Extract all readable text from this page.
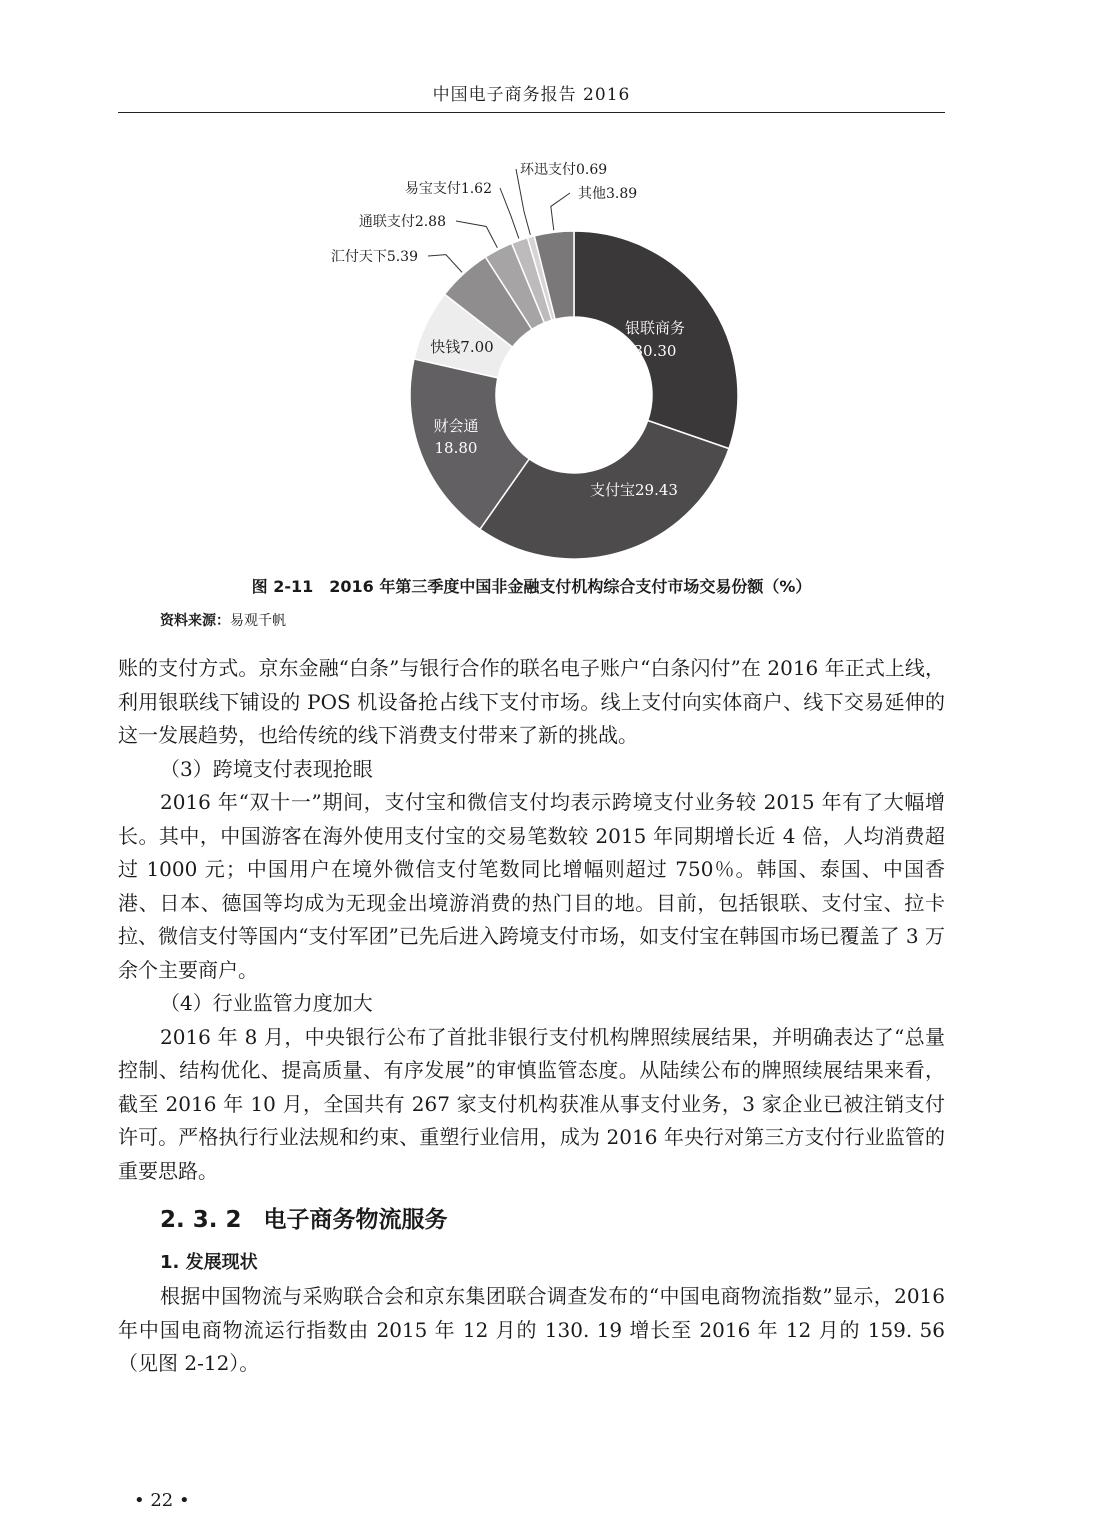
中国电子商务报告 2016
银联商务
30.30
支付宝29.43
财会通
18.80
快钱7.00
汇付天下5.39
通联支付2.88
易宝支付1.62
环迅支付0.69
其他3.89
图 2-11　2016 年第三季度中国非金融支付机构综合支付市场交易份额（%）
资料来源：易观千帆

账的支付方式。京东金融“白条”与银行合作的联名电子账户“白条闪付”在 2016 年正式上线，利用银联线下铺设的 POS 机设备抢占线下支付市场。线上支付向实体商户、线下交易延伸的这一发展趋势，也给传统的线下消费支付带来了新的挑战。

（3）跨境支付表现抢眼

2016 年“双十一”期间，支付宝和微信支付均表示跨境支付业务较 2015 年有了大幅增长。其中，中国游客在海外使用支付宝的交易笔数较 2015 年同期增长近 4 倍，人均消费超过 1000 元；中国用户在境外微信支付笔数同比增幅则超过 750％。韩国、泰国、中国香港、日本、德国等均成为无现金出境游消费的热门目的地。目前，包括银联、支付宝、拉卡拉、微信支付等国内“支付军团”已先后进入跨境支付市场，如支付宝在韩国市场已覆盖了 3 万余个主要商户。

（4）行业监管力度加大

2016 年 8 月，中央银行公布了首批非银行支付机构牌照续展结果，并明确表达了“总量控制、结构优化、提高质量、有序发展”的审慎监管态度。从陆续公布的牌照续展结果来看，截至 2016 年 10 月，全国共有 267 家支付机构获准从事支付业务，3 家企业已被注销支付许可。严格执行行业法规和约束、重塑行业信用，成为 2016 年央行对第三方支付行业监管的重要思路。

2. 3. 2 电子商务物流服务
1. 发展现状

根据中国物流与采购联合会和京东集团联合调查发布的“中国电商物流指数”显示，2016 年中国电商物流运行指数由 2015 年 12 月的 130. 19 增长至 2016 年 12 月的 159. 56（见图 2-12）。

• 22 •
